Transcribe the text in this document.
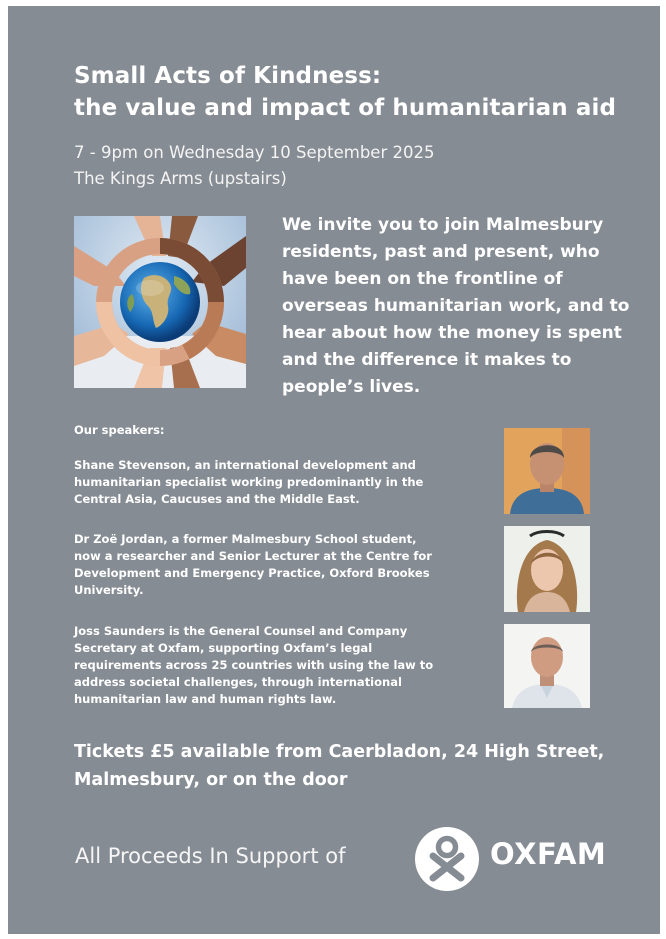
Small Acts of Kindness:
the value and impact of humanitarian aid
7 - 9pm on Wednesday 10 September 2025
The Kings Arms (upstairs)
We invite you to join Malmesbury
residents, past and present, who
have been on the frontline of
overseas humanitarian work, and to
hear about how the money is spent
and the difference it makes to
people’s lives.
Our speakers:
Shane Stevenson, an international development and
humanitarian specialist working predominantly in the
Central Asia, Caucuses and the Middle East.
Dr Zoë Jordan, a former Malmesbury School student,
now a researcher and Senior Lecturer at the Centre for
Development and Emergency Practice, Oxford Brookes
University.
Joss Saunders is the General Counsel and Company
Secretary at Oxfam, supporting Oxfam’s legal
requirements across 25 countries with using the law to
address societal challenges, through international
humanitarian law and human rights law.
Tickets £5 available from Caerbladon, 24 High Street,
Malmesbury, or on the door
All Proceeds In Support of	OXFAM
